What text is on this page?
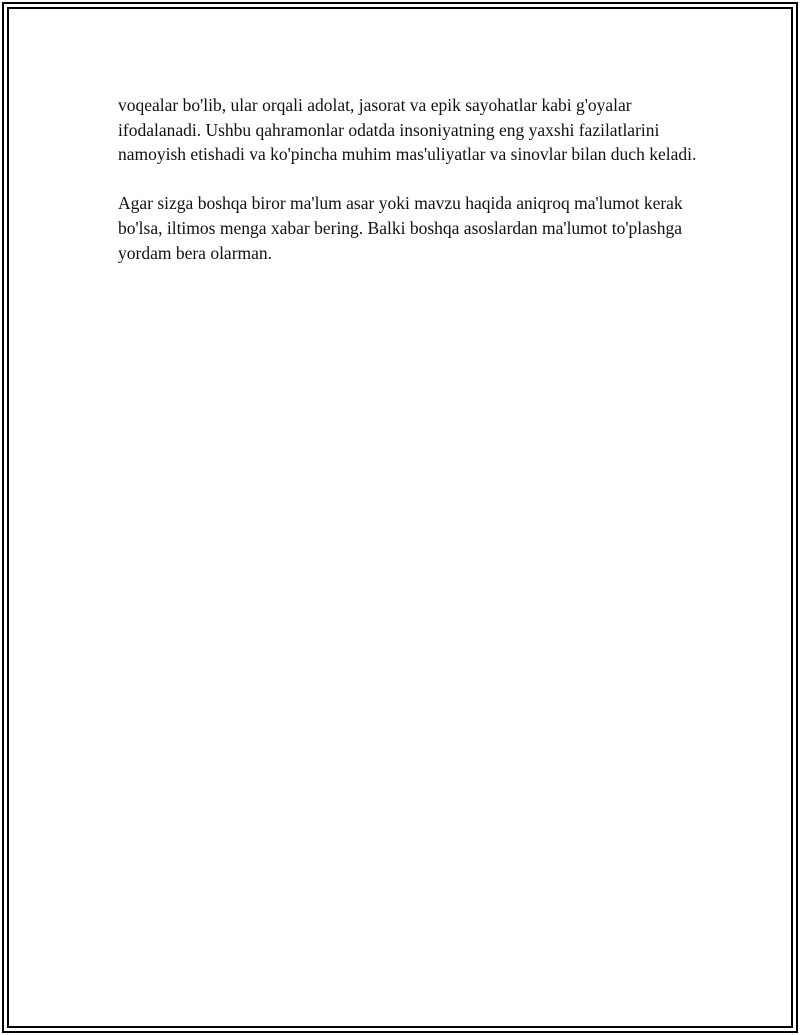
voqealar bo'lib, ular orqali adolat, jasorat va epik sayohatlar kabi g'oyalar ifodalanadi. Ushbu qahramonlar odatda insoniyatning eng yaxshi fazilatlarini namoyish etishadi va ko'pincha muhim mas'uliyatlar va sinovlar bilan duch keladi.

Agar sizga boshqa biror ma'lum asar yoki mavzu haqida aniqroq ma'lumot kerak bo'lsa, iltimos menga xabar bering. Balki boshqa asoslardan ma'lumot to'plashga yordam bera olarman.
